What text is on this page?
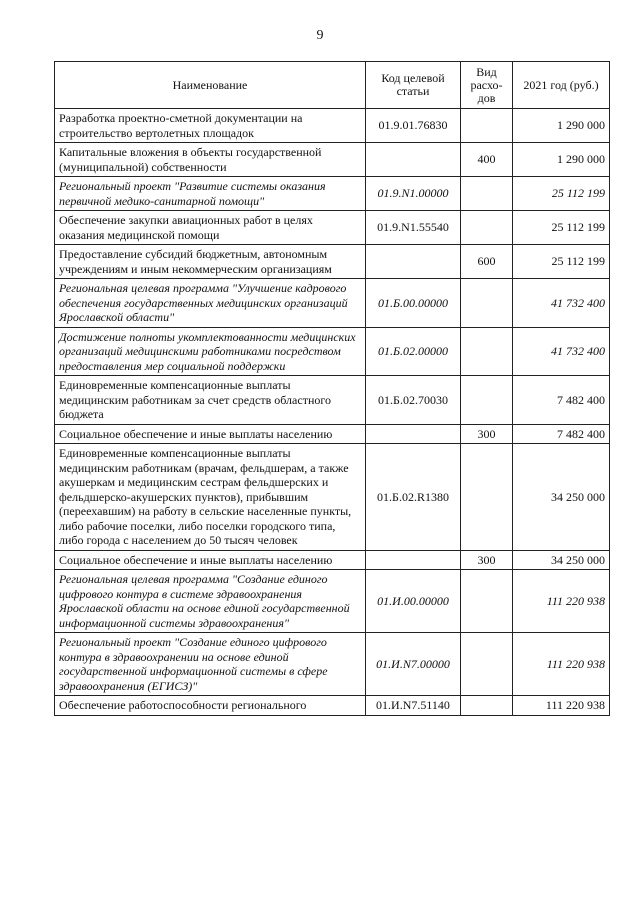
9
Наименование	Код целевой статьи	Вид расхо-дов	2021 год (руб.)
Разработка проектно-сметной документации на строительство вертолетных площадок	01.9.01.76830		1 290 000
Капитальные вложения в объекты государственной (муниципальной) собственности		400	1 290 000
Региональный проект "Развитие системы оказания первичной медико-санитарной помощи"	01.9.N1.00000		25 112 199
Обеспечение закупки авиационных работ в целях оказания медицинской помощи	01.9.N1.55540		25 112 199
Предоставление субсидий бюджетным, автономным учреждениям и иным некоммерческим организациям		600	25 112 199
Региональная целевая программа "Улучшение кадрового обеспечения государственных медицинских организаций Ярославской области"	01.Б.00.00000		41 732 400
Достижение полноты укомплектованности медицинских организаций медицинскими работниками посредством предоставления мер социальной поддержки	01.Б.02.00000		41 732 400
Единовременные компенсационные выплаты медицинским работникам за счет средств областного бюджета	01.Б.02.70030		7 482 400
Социальное обеспечение и иные выплаты населению		300	7 482 400
Единовременные компенсационные выплаты медицинским работникам (врачам, фельдшерам, а также акушеркам и медицинским сестрам фельдшерских и фельдшерско-акушерских пунктов), прибывшим (переехавшим) на работу в сельские населенные пункты, либо рабочие поселки, либо поселки городского типа, либо города с населением до 50 тысяч человек	01.Б.02.R1380		34 250 000
Социальное обеспечение и иные выплаты населению		300	34 250 000
Региональная целевая программа "Создание единого цифрового контура в системе здравоохранения Ярославской области на основе единой государственной информационной системы здравоохранения"	01.И.00.00000		111 220 938
Региональный проект "Создание единого цифрового контура в здравоохранении на основе единой государственной информационной системы в сфере здравоохранения (ЕГИСЗ)"	01.И.N7.00000		111 220 938
Обеспечение работоспособности регионального	01.И.N7.51140		111 220 938
